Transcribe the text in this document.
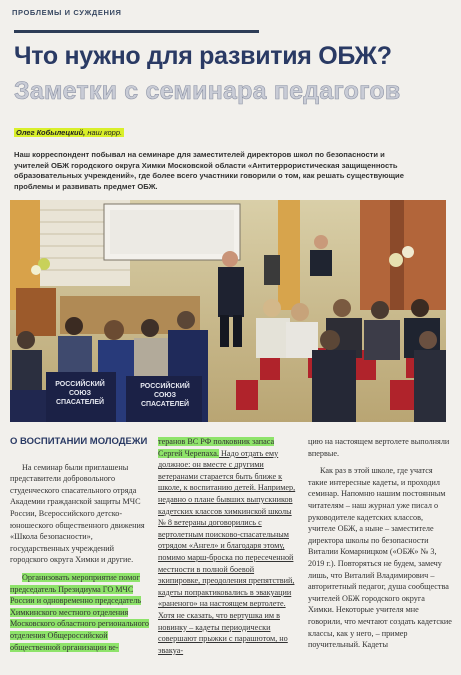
ПРОБЛЕМЫ И СУЖДЕНИЯ
Что нужно для развития ОБЖ?
Заметки с семинара педагогов
Олег Кобылецкий, наш корр.
Наш корреспондент побывал на семинаре для заместителей директоров школ по безопасности и учителей ОБЖ городского округа Химки Московской области «Антитеррористическая защищенность образовательных учреждений», где более всего участники говорили о том, как решать существующие проблемы и развивать предмет ОБЖ.
РОССИЙСКИЙ
СОЮЗ
СПАСАТЕЛЕЙ
РОССИЙСКИЙ
СОЮЗ
СПАСАТЕЛЕЙ
О ВОСПИТАНИИ МОЛОДЕЖИ

На семинар были приглашены представители добровольного студенческого спасательного отряда Академии гражданской защиты МЧС России, Всероссийского детско-юношеского общественного движения «Школа безопасности», государственных учреждений городского округа Химки и другие.

Организовать мероприятие помог председатель Президиума ГО МЧС России и одновременно председатель Химкинского местного отделения Московского областного регионального отделения Общероссийской общественной организации ве-

теранов ВС РФ полковник запаса Сергей Черепаха. Надо отдать ему должное: он вместе с другими ветеранами старается быть ближе к школе, к воспитанию детей. Например, недавно о плане бывших выпускников кадетских классов химкинской школы № 8 ветераны договорились с вертолетным поисково-спасательным отрядом «Ангел» и благодаря этому, помимо марш-броска по пересеченной местности в полной боевой экипировке, преодоления препятствий, кадеты попрактиковались в эвакуации «раненого» на настоящем вертолете. Хотя не сказать, что вертушка им в новинку – кадеты периодически совершают прыжки с парашютом, но эвакуа-

цию на настоящем вертолете выполняли впервые.

Как раз в этой школе, где учатся такие интересные кадеты, и проходил семинар. Напомню нашим постоянным читателям – наш журнал уже писал о руководителе кадетских классов, учителе ОБЖ, а ныне – заместителе директора школы по безопасности Виталии Комарницком («ОБЖ» № 3, 2019 г.). Повторяться не будем, замечу лишь, что Виталий Владимирович – авторитетный педагог, душа сообщества учителей ОБЖ городского округа Химки. Некоторые учителя мне говорили, что мечтают создать кадетские классы, как у него, – пример поучительный. Кадеты
